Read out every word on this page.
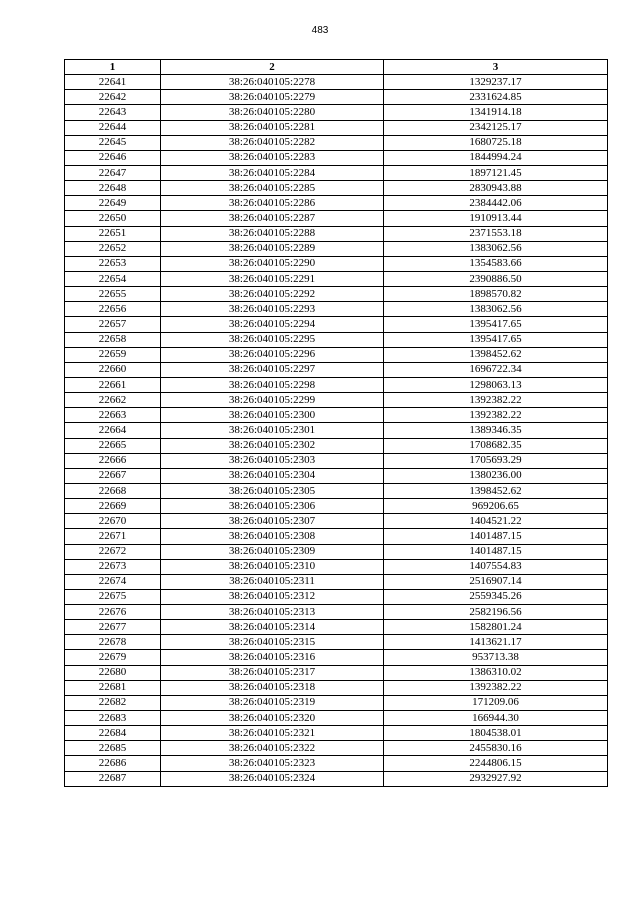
483
1	2	3
22641	38:26:040105:2278	1329237.17
22642	38:26:040105:2279	2331624.85
22643	38:26:040105:2280	1341914.18
22644	38:26:040105:2281	2342125.17
22645	38:26:040105:2282	1680725.18
22646	38:26:040105:2283	1844994.24
22647	38:26:040105:2284	1897121.45
22648	38:26:040105:2285	2830943.88
22649	38:26:040105:2286	2384442.06
22650	38:26:040105:2287	1910913.44
22651	38:26:040105:2288	2371553.18
22652	38:26:040105:2289	1383062.56
22653	38:26:040105:2290	1354583.66
22654	38:26:040105:2291	2390886.50
22655	38:26:040105:2292	1898570.82
22656	38:26:040105:2293	1383062.56
22657	38:26:040105:2294	1395417.65
22658	38:26:040105:2295	1395417.65
22659	38:26:040105:2296	1398452.62
22660	38:26:040105:2297	1696722.34
22661	38:26:040105:2298	1298063.13
22662	38:26:040105:2299	1392382.22
22663	38:26:040105:2300	1392382.22
22664	38:26:040105:2301	1389346.35
22665	38:26:040105:2302	1708682.35
22666	38:26:040105:2303	1705693.29
22667	38:26:040105:2304	1380236.00
22668	38:26:040105:2305	1398452.62
22669	38:26:040105:2306	969206.65
22670	38:26:040105:2307	1404521.22
22671	38:26:040105:2308	1401487.15
22672	38:26:040105:2309	1401487.15
22673	38:26:040105:2310	1407554.83
22674	38:26:040105:2311	2516907.14
22675	38:26:040105:2312	2559345.26
22676	38:26:040105:2313	2582196.56
22677	38:26:040105:2314	1582801.24
22678	38:26:040105:2315	1413621.17
22679	38:26:040105:2316	953713.38
22680	38:26:040105:2317	1386310.02
22681	38:26:040105:2318	1392382.22
22682	38:26:040105:2319	171209.06
22683	38:26:040105:2320	166944.30
22684	38:26:040105:2321	1804538.01
22685	38:26:040105:2322	2455830.16
22686	38:26:040105:2323	2244806.15
22687	38:26:040105:2324	2932927.92
